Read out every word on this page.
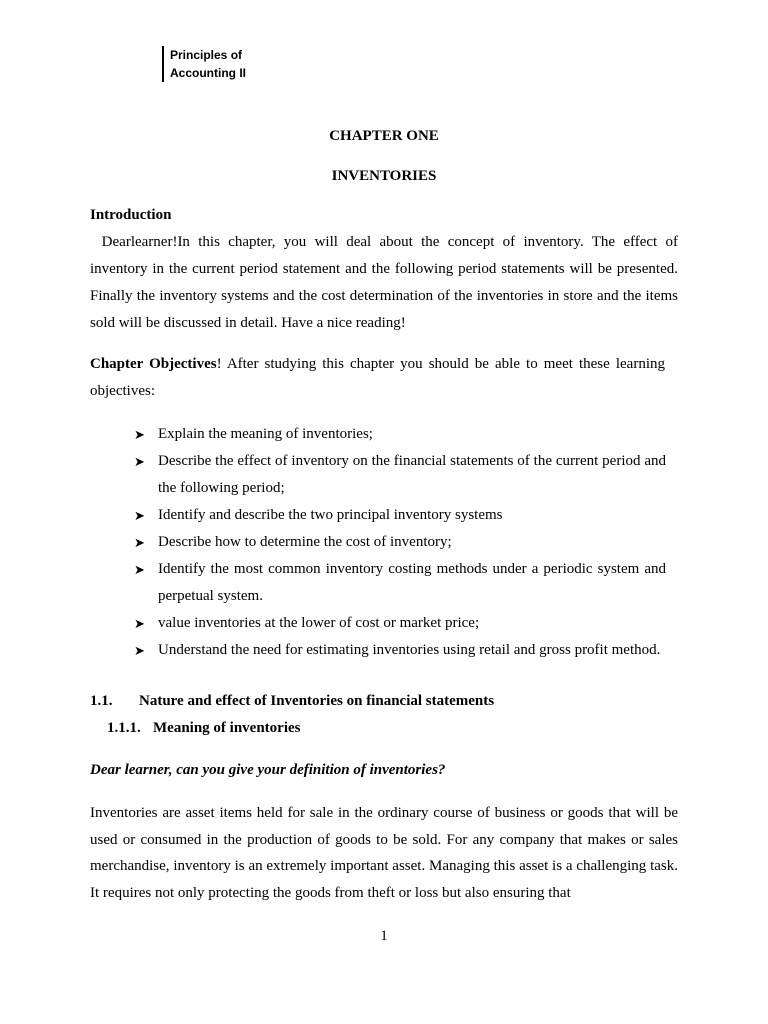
Principles of
Accounting II
CHAPTER ONE
INVENTORIES
Introduction
Dearlearner!In this chapter, you will deal about the concept of inventory. The effect of inventory in the current period statement and the following period statements will be presented. Finally the inventory systems and the cost determination of the inventories in store and the items sold will be discussed in detail. Have a nice reading!
Chapter Objectives! After studying this chapter you should be able to meet these learning objectives:
➤ Explain the meaning of inventories;
➤ Describe the effect of inventory on the financial statements of the current period and the following period;
➤ Identify and describe the two principal inventory systems
➤ Describe how to determine the cost of inventory;
➤ Identify the most common inventory costing methods under a periodic system and perpetual system.
➤ value inventories at the lower of cost or market price;
➤ Understand the need for estimating inventories using retail and gross profit method.
1.1. Nature and effect of Inventories on financial statements
1.1.1. Meaning of inventories
Dear learner, can you give your definition of inventories?
Inventories are asset items held for sale in the ordinary course of business or goods that will be used or consumed in the production of goods to be sold. For any company that makes or sales merchandise, inventory is an extremely important asset. Managing this asset is a challenging task. It requires not only protecting the goods from theft or loss but also ensuring that
1
